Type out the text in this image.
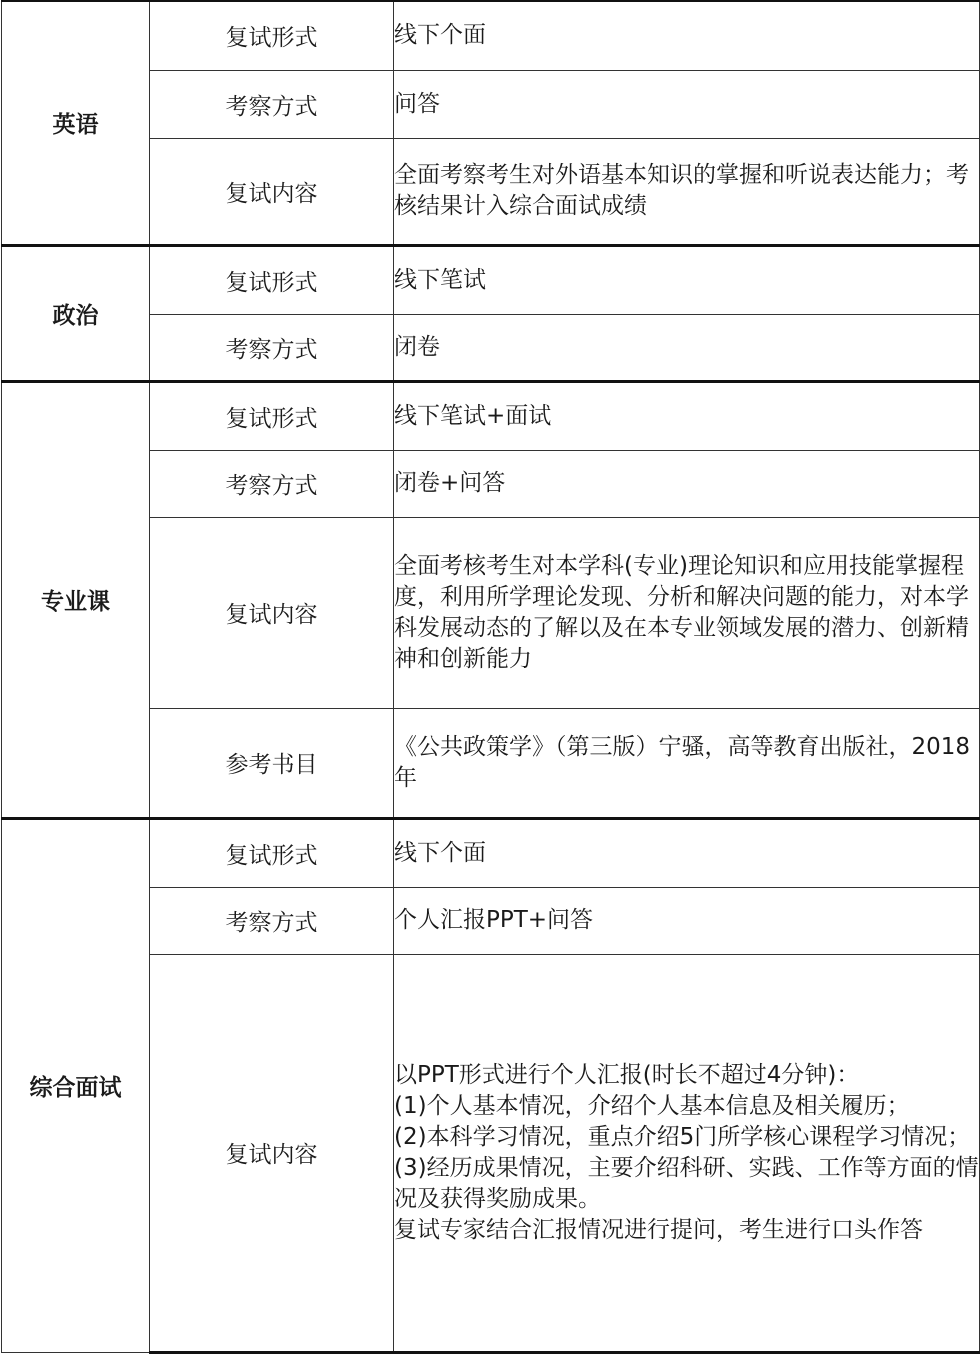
英语	复试形式	线下个面
	考察方式	问答
	复试内容	全面考察考生对外语基本知识的掌握和听说表达能力；考核结果计入综合面试成绩
政治	复试形式	线下笔试
	考察方式	闭卷
专业课	复试形式	线下笔试+面试
	考察方式	闭卷+问答
	复试内容	全面考核考生对本学科(专业)理论知识和应用技能掌握程度，利用所学理论发现、分析和解决问题的能力，对本学科发展动态的了解以及在本专业领域发展的潜力、创新精神和创新能力
	参考书目	《公共政策学》（第三版）宁骚，高等教育出版社，2018年
综合面试	复试形式	线下个面
	考察方式	个人汇报PPT+问答
	复试内容	以PPT形式进行个人汇报(时长不超过4分钟)：
(1)个人基本情况，介绍个人基本信息及相关履历；
(2)本科学习情况，重点介绍5门所学核心课程学习情况；
(3)经历成果情况，主要介绍科研、实践、工作等方面的情况及获得奖励成果。
复试专家结合汇报情况进行提问，考生进行口头作答
